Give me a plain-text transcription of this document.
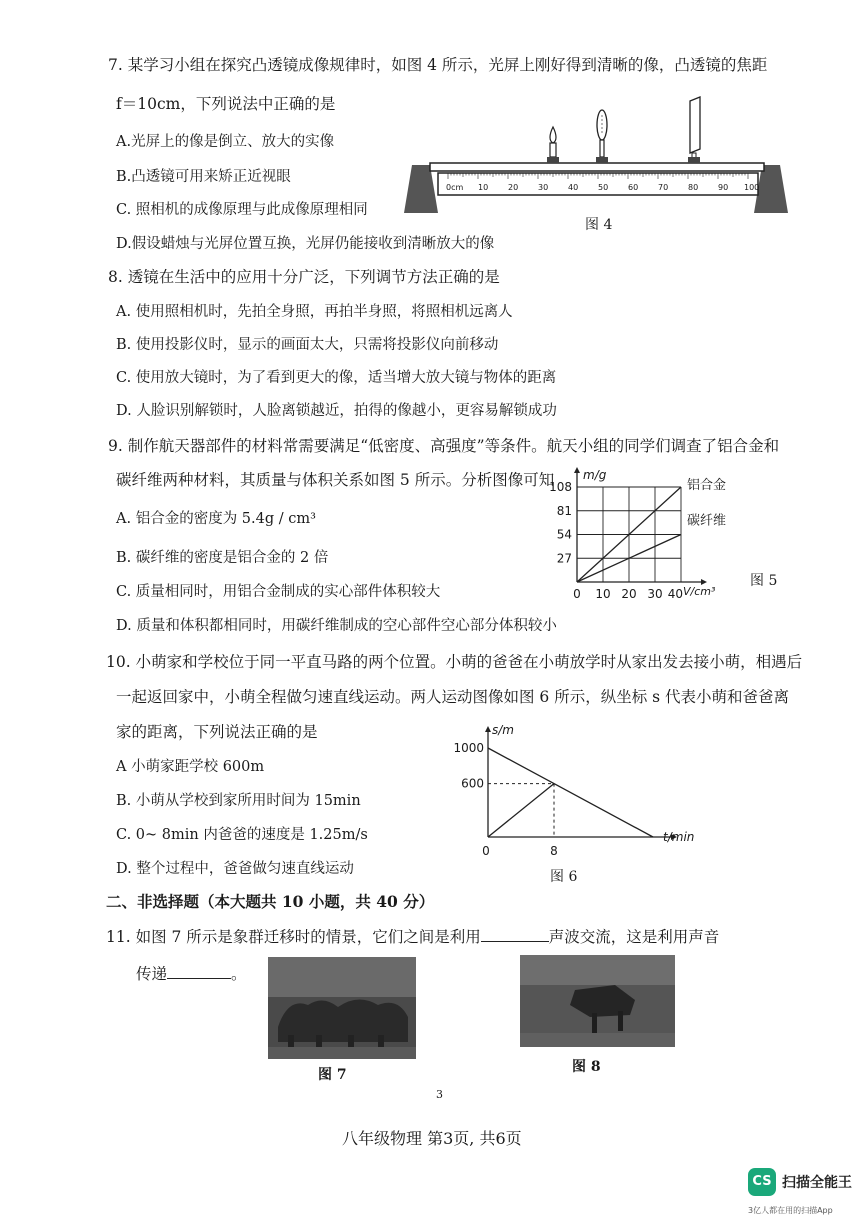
7. 某学习小组在探究凸透镜成像规律时，如图 4 所示，光屏上刚好得到清晰的像，凸透镜的焦距
f＝10cm，下列说法中正确的是
A.光屏上的像是倒立、放大的实像
B.凸透镜可用来矫正近视眼
C. 照相机的成像原理与此成像原理相同
D.假设蜡烛与光屏位置互换，光屏仍能接收到清晰放大的像
0cm 10 20 30 40 50 60 70 80 90 100
图 4
8. 透镜在生活中的应用十分广泛，下列调节方法正确的是
A. 使用照相机时，先拍全身照，再拍半身照，将照相机远离人
B. 使用投影仪时，显示的画面太大，只需将投影仪向前移动
C. 使用放大镜时，为了看到更大的像，适当增大放大镜与物体的距离
D. 人脸识别解锁时，人脸离锁越近，拍得的像越小，更容易解锁成功
9. 制作航天器部件的材料常需要满足“低密度、高强度”等条件。航天小组的同学们调查了铝合金和
碳纤维两种材料，其质量与体积关系如图 5 所示。分析图像可知
A. 铝合金的密度为 5.4g / cm³
B. 碳纤维的密度是铝合金的 2 倍
C. 质量相同时，用铝合金制成的实心部件体积较大
D. 质量和体积都相同时，用碳纤维制成的空心部件空心部分体积较小
m/g
V/cm³
27
54
81
108
0 10 20 30 40
铝合金
碳纤维
图 5
10. 小萌家和学校位于同一平直马路的两个位置。小萌的爸爸在小萌放学时从家出发去接小萌，相遇后
一起返回家中，小萌全程做匀速直线运动。两人运动图像如图 6 所示，纵坐标 s 代表小萌和爸爸离
家的距离，下列说法正确的是
A 小萌家距学校 600m
B. 小萌从学校到家所用时间为 15min
C. 0~ 8min 内爸爸的速度是 1.25m/s
D. 整个过程中，爸爸做匀速直线运动
s/m
t/min
600
1000
0	8
图 6
二、非选择题（本大题共 10 小题，共 40 分）
11. 如图 7 所示是象群迁移时的情景，它们之间是利用	声波交流，这是利用声音
传递	。
图 7	图 8
3
八年级物理 第3页, 共6页
CS 扫描全能王
3亿人都在用的扫描App
